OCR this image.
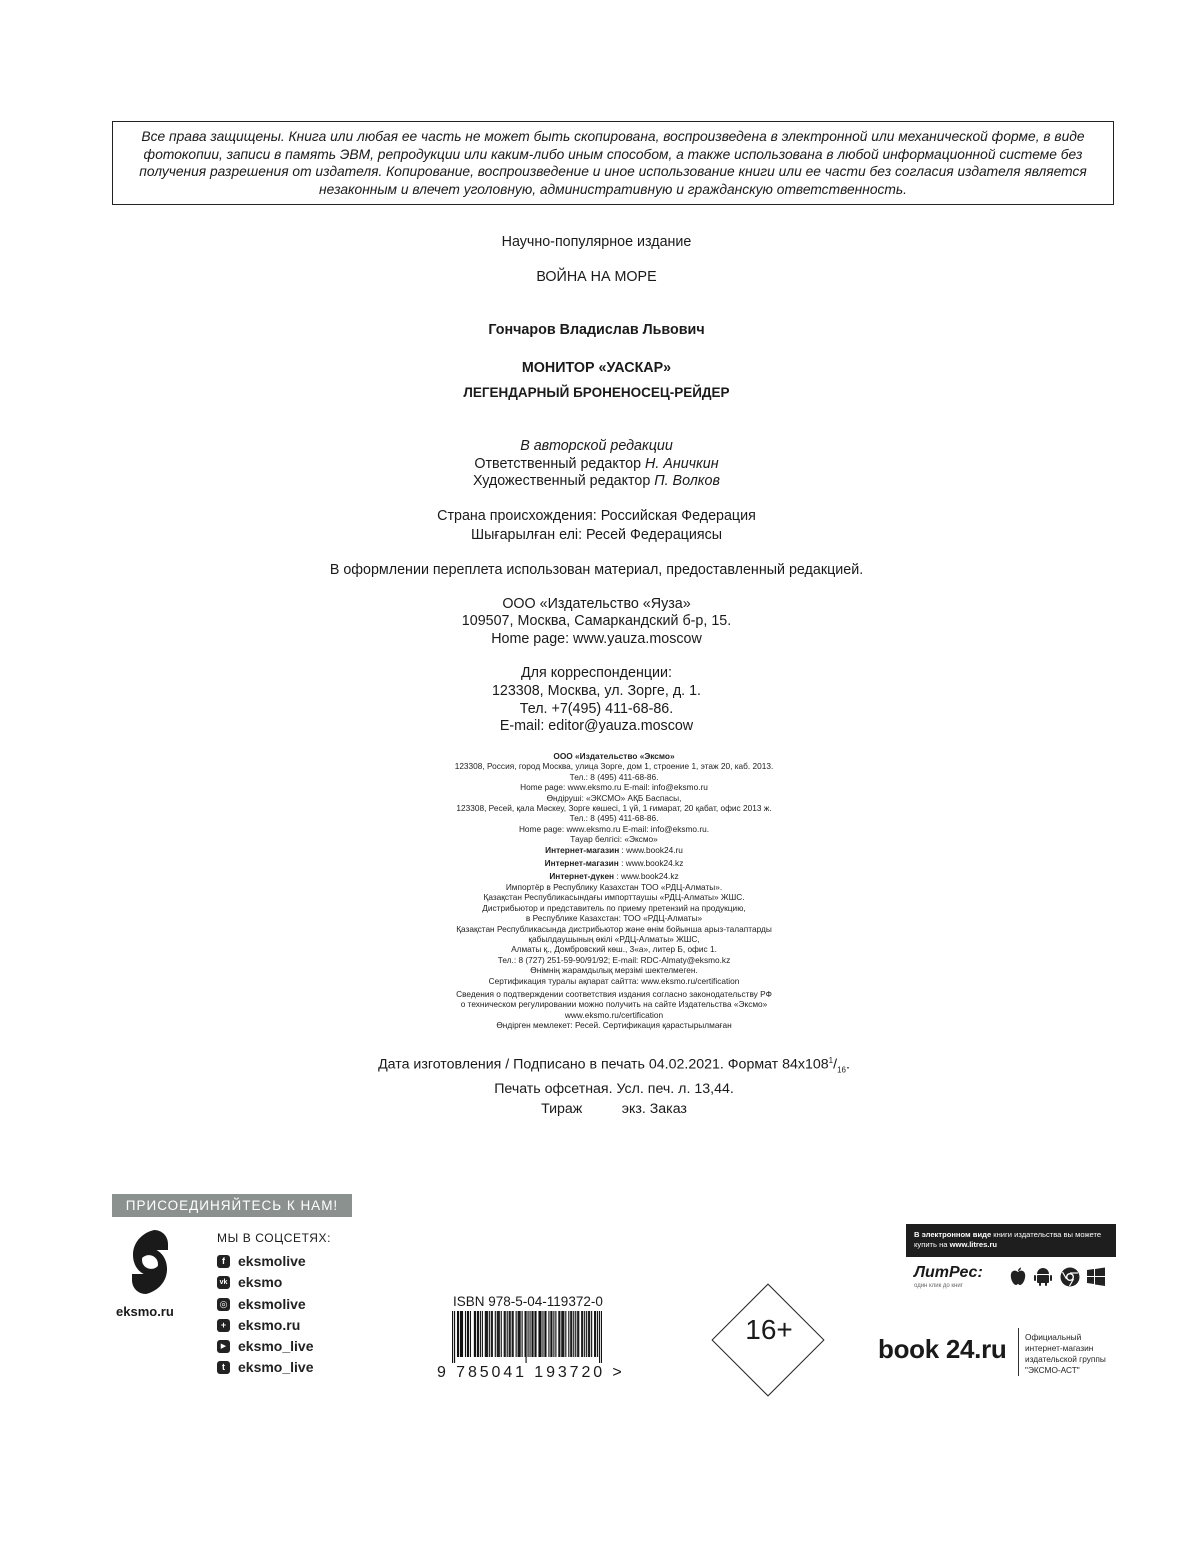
Все права защищены. Книга или любая ее часть не может быть скопирована, воспроизведена в электронной или механической форме, в виде фотокопии, записи в память ЭВМ, репродукции или каким-либо иным способом, а также использована в любой информационной системе без получения разрешения от издателя. Копирование, воспроизведение и иное использование книги или ее части без согласия издателя является незаконным и влечет уголовную, административную и гражданскую ответственность.
Научно-популярное издание
ВОЙНА НА МОРЕ
Гончаров Владислав Львович
МОНИТОР «УАСКАР»
ЛЕГЕНДАРНЫЙ БРОНЕНОСЕЦ-РЕЙДЕР
В авторской редакции
Ответственный редактор Н. Аничкин
Художественный редактор П. Волков
Страна происхождения: Российская Федерация
Шығарылған елі: Ресей Федерациясы
В оформлении переплета использован материал, предоставленный редакцией.
ООО «Издательство «Яуза»
109507, Москва, Самаркандский б-р, 15.
Home page: www.yauza.moscow
Для корреспонденции:
123308, Москва, ул. Зорге, д. 1.
Тел. +7(495) 411-68-86.
E-mail: editor@yauza.moscow
ООО «Издательство «Эксмо»
123308, Россия, город Москва, улица Зорге, дом 1, строение 1, этаж 20, каб. 2013.
Тел.: 8 (495) 411-68-86.
Home page: www.eksmo.ru E-mail: info@eksmo.ru
Өндіруші: «ЭКСМО» АҚБ Баспасы,
123308, Ресей, қала Мәскеу, Зорге көшесі, 1 үй, 1 ғимарат, 20 қабат, офис 2013 ж.
Тел.: 8 (495) 411-68-86.
Home page: www.eksmo.ru E-mail: info@eksmo.ru.
Тауар белгісі: «Эксмо»
Интернет-магазин : www.book24.ru
Интернет-магазин : www.book24.kz
Интернет-дүкен : www.book24.kz
Импортёр в Республику Казахстан ТОО «РДЦ-Алматы».
Қазақстан Республикасындағы импорттаушы «РДЦ-Алматы» ЖШС.
Дистрибьютор и представитель по приему претензий на продукцию,
в Республике Казахстан: ТОО «РДЦ-Алматы»
Қазақстан Республикасында дистрибьютор және өнім бойынша арыз-талаптарды
қабылдаушының өкілі «РДЦ-Алматы» ЖШС,
Алматы қ., Домбровский көш., 3«а», литер Б, офис 1.
Тел.: 8 (727) 251-59-90/91/92; E-mail: RDC-Almaty@eksmo.kz
Өнімнің жарамдылық мерзімі шектелмеген.
Сертификация туралы ақпарат сайтта: www.eksmo.ru/certification
Сведения о подтверждении соответствия издания согласно законодательству РФ
о техническом регулировании можно получить на сайте Издательства «Эксмо»
www.eksmo.ru/certification
Өндірген мемлекет: Ресей. Сертификация қарастырылмаған
Дата изготовления / Подписано в печать 04.02.2021. Формат $84х108^1/_{16}$.
Печать офсетная. Усл. печ. л. 13,44.
Тираж          экз. Заказ
ПРИСОЕДИНЯЙТЕСЬ К НАМ!
eksmo.ru
МЫ В СОЦСЕТЯХ:
f eksmolive
vk eksmo
◎ eksmolive
+ eksmo.ru
▶ eksmo_live
t eksmo_live
ISBN 978-5-04-119372-0
9 785041 193720 >
16+
В электронном виде книги издательства вы можете
купить на www.litres.ru
ЛитРес:
один клик до книг
book 24.ru Официальный
интернет-магазин
издательской группы
"ЭКСМО-АСТ"
